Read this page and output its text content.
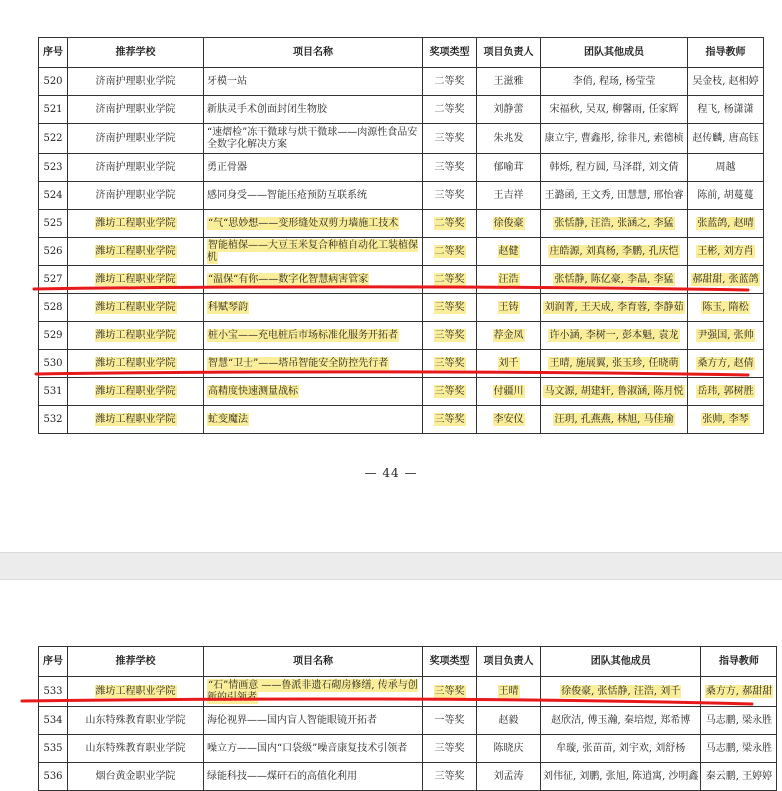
序号	推荐学校	项目名称	奖项类型	项目负责人	团队其他成员	指导教师
520	济南护理职业学院	牙模一站	二等奖	王滋雅	李俏, 程玚, 杨莹莹	吴金枝, 赵相婷
521	济南护理职业学院	新肤灵手术创面封闭生物胶	二等奖	刘静蕾	宋福秋, 吴双, 柳馨雨, 任家辉	程飞, 杨潇潇
522	济南护理职业学院	“速熠检”冻干微球与烘干微球——肉源性食品安全数字化解决方案	三等奖	朱兆发	康立宇, 曹鑫彤, 徐非凡, 索德桢	赵传麟, 唐高钰
523	济南护理职业学院	勇正骨器	三等奖	郁喻茸	韩烁, 程方圆, 马泽群, 刘文倩	周越
524	济南护理职业学院	感同身受——智能压疮预防互联系统	三等奖	王吉祥	王潞函, 王文秀, 田慧慧, 邢怡睿	陈前, 胡蔓蔓
525	潍坊工程职业学院	“气“思妙想——变形缝处双剪力墙施工技术	二等奖	徐俊豪	张恬静, 汪浩, 张涵之, 李猛	张蓝鸽, 赵晴
526	潍坊工程职业学院	智能植保——大豆玉米复合种植自动化工装植保机	二等奖	赵健	庄皓源, 刘真杨, 李鹏, 孔庆恺	王彬, 刘方肖
527	潍坊工程职业学院	“温保“有你——数字化智慧病害管家	二等奖	汪浩	张恬静, 陈亿豪, 李晶, 李猛	郝甜甜, 张蓝鸽
528	潍坊工程职业学院	科赋琴韵	三等奖	王铸	刘润菁, 王天成, 李育蓉, 李静茹	陈玉, 隋松
529	潍坊工程职业学院	桩小宝——充电桩后市场标准化服务开拓者	三等奖	荐金凤	许小涵, 李树一, 彭本魁, 袁龙	尹强国, 张帅
530	潍坊工程职业学院	智慧“卫士”——塔吊智能安全防控先行者	三等奖	刘千	王晴, 施展翼, 张玉珍, 任晓萌	桑方方, 赵倩
531	潍坊工程职业学院	高精度快速测量战标	三等奖	付疆川	马文源, 胡建轩, 鲁淑涵, 陈月悦	岳玮, 郭树胜
532	潍坊工程职业学院	虻变魔法	三等奖	李安仪	汪玥, 孔燕燕, 林旭, 马佳瑜	张帅, 李琴
— 44 —
序号	推荐学校	项目名称	奖项类型	项目负责人	团队其他成员	指导教师
533	潍坊工程职业学院	“石”情画意 ——鲁派非遗石砌房修缮, 传承与创新的引领者	三等奖	王晴	徐俊豪, 张恬静, 汪浩, 刘千	桑方方, 郝甜甜
534	山东特殊教育职业学院	海伦视界——国内盲人智能眼镜开拓者	一等奖	赵毅	赵欣洁, 傅玉瀚, 秦培煜, 郑希博	马志鹏, 梁永胜
535	山东特殊教育职业学院	噪立方——国内“口袋级”噪音康复技术引领者	三等奖	陈晓庆	牟璇, 张苗苗, 刘宇欢, 刘舒杨	马志鹏, 梁永胜
536	烟台黄金职业学院	绿能科技——煤矸石的高值化利用	三等奖	刘孟涛	刘伟征, 刘鹏, 张旭, 陈逍寓, 沙明鑫	秦云鹏, 王婷婷
